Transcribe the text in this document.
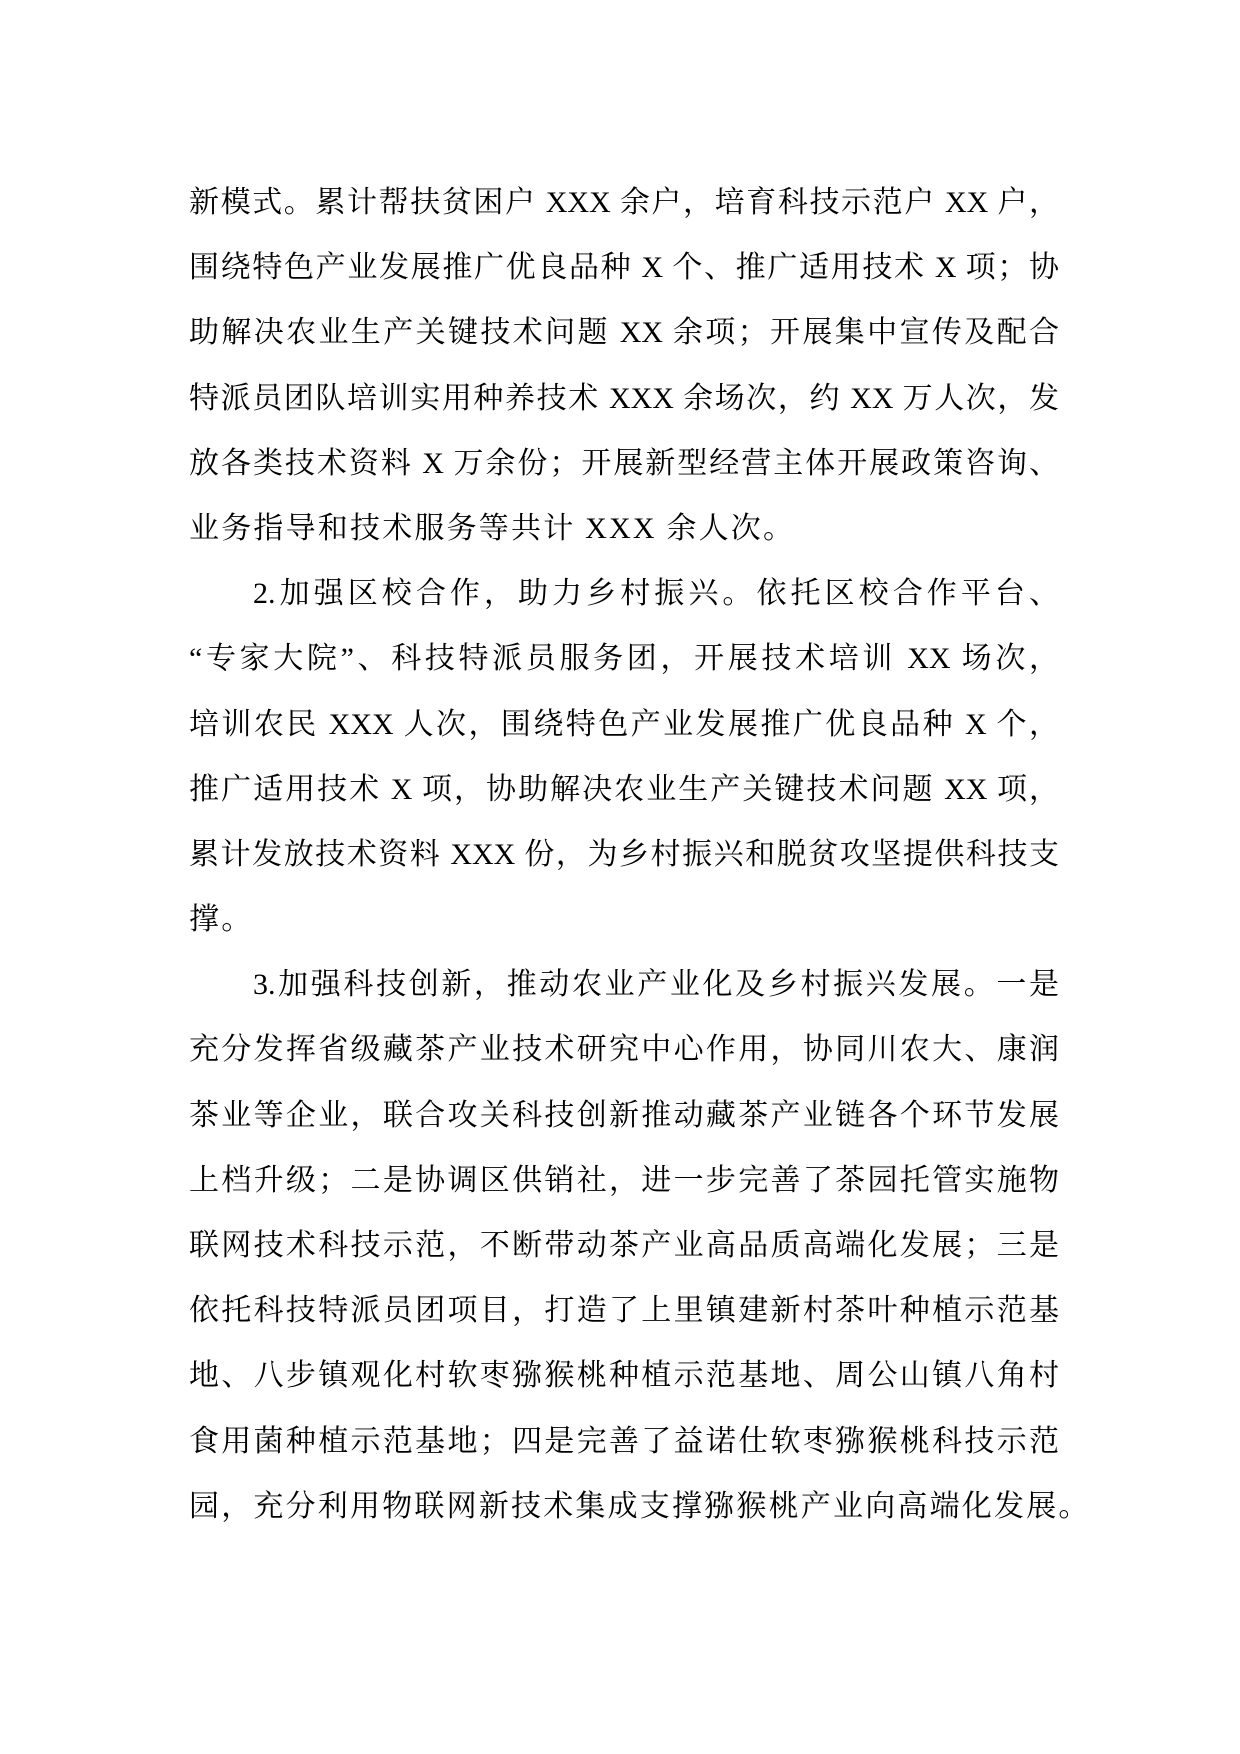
新模式。累计帮扶贫困户 XXX 余户，培育科技示范户 XX 户，
围绕特色产业发展推广优良品种 X 个、推广适用技术 X 项；协
助解决农业生产关键技术问题 XX 余项；开展集中宣传及配合
特派员团队培训实用种养技术 XXX 余场次，约 XX 万人次，发
放各类技术资料 X 万余份；开展新型经营主体开展政策咨询、
业务指导和技术服务等共计 XXX 余人次。
2.加强区校合作，助力乡村振兴。依托区校合作平台、
“专家大院”、科技特派员服务团，开展技术培训 XX 场次，
培训农民 XXX 人次，围绕特色产业发展推广优良品种 X 个，
推广适用技术 X 项，协助解决农业生产关键技术问题 XX 项，
累计发放技术资料 XXX 份，为乡村振兴和脱贫攻坚提供科技支
撑。
3.加强科技创新，推动农业产业化及乡村振兴发展。一是
充分发挥省级藏茶产业技术研究中心作用，协同川农大、康润
茶业等企业，联合攻关科技创新推动藏茶产业链各个环节发展
上档升级；二是协调区供销社，进一步完善了茶园托管实施物
联网技术科技示范，不断带动茶产业高品质高端化发展；三是
依托科技特派员团项目，打造了上里镇建新村茶叶种植示范基
地、八步镇观化村软枣猕猴桃种植示范基地、周公山镇八角村
食用菌种植示范基地；四是完善了益诺仕软枣猕猴桃科技示范
园，充分利用物联网新技术集成支撑猕猴桃产业向高端化发展。
